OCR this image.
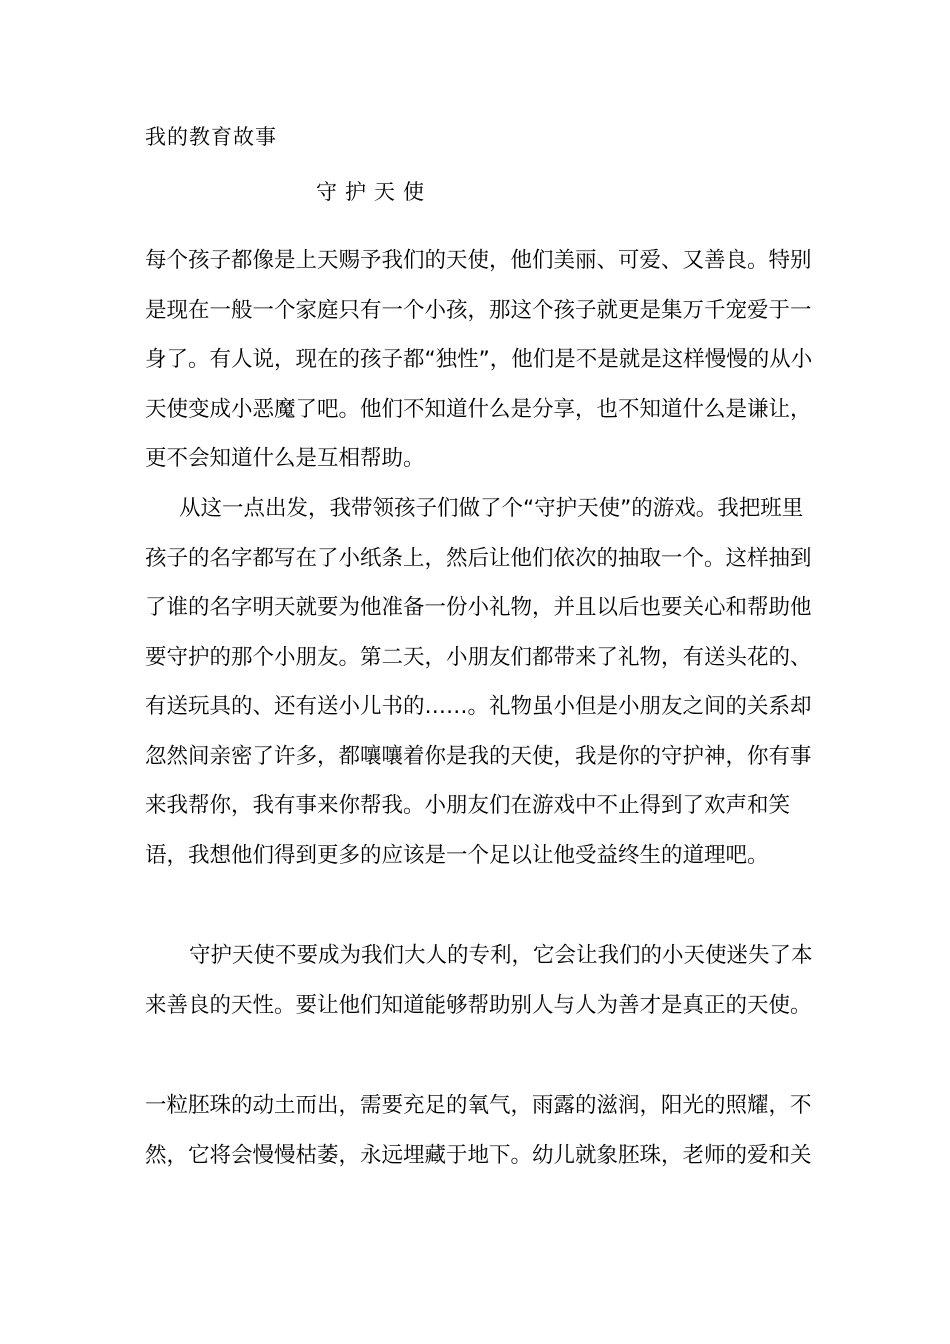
我的教育故事
守护天使

每个孩子都像是上天赐予我们的天使，他们美丽、可爱、又善良。特别是现在一般一个家庭只有一个小孩，那这个孩子就更是集万千宠爱于一身了。有人说，现在的孩子都“独性”，他们是不是就是这样慢慢的从小天使变成小恶魔了吧。他们不知道什么是分享，也不知道什么是谦让，更不会知道什么是互相帮助。

从这一点出发，我带领孩子们做了个“守护天使”的游戏。我把班里孩子的名字都写在了小纸条上，然后让他们依次的抽取一个。这样抽到了谁的名字明天就要为他准备一份小礼物，并且以后也要关心和帮助他要守护的那个小朋友。第二天，小朋友们都带来了礼物，有送头花的、有送玩具的、还有送小儿书的……。礼物虽小但是小朋友之间的关系却忽然间亲密了许多，都嚷嚷着你是我的天使，我是你的守护神，你有事来我帮你，我有事来你帮我。小朋友们在游戏中不止得到了欢声和笑语，我想他们得到更多的应该是一个足以让他受益终生的道理吧。

守护天使不要成为我们大人的专利，它会让我们的小天使迷失了本来善良的天性。要让他们知道能够帮助别人与人为善才是真正的天使。

一粒胚珠的动土而出，需要充足的氧气，雨露的滋润，阳光的照耀，不然，它将会慢慢枯萎，永远埋藏于地下。幼儿就象胚珠，老师的爱和关
